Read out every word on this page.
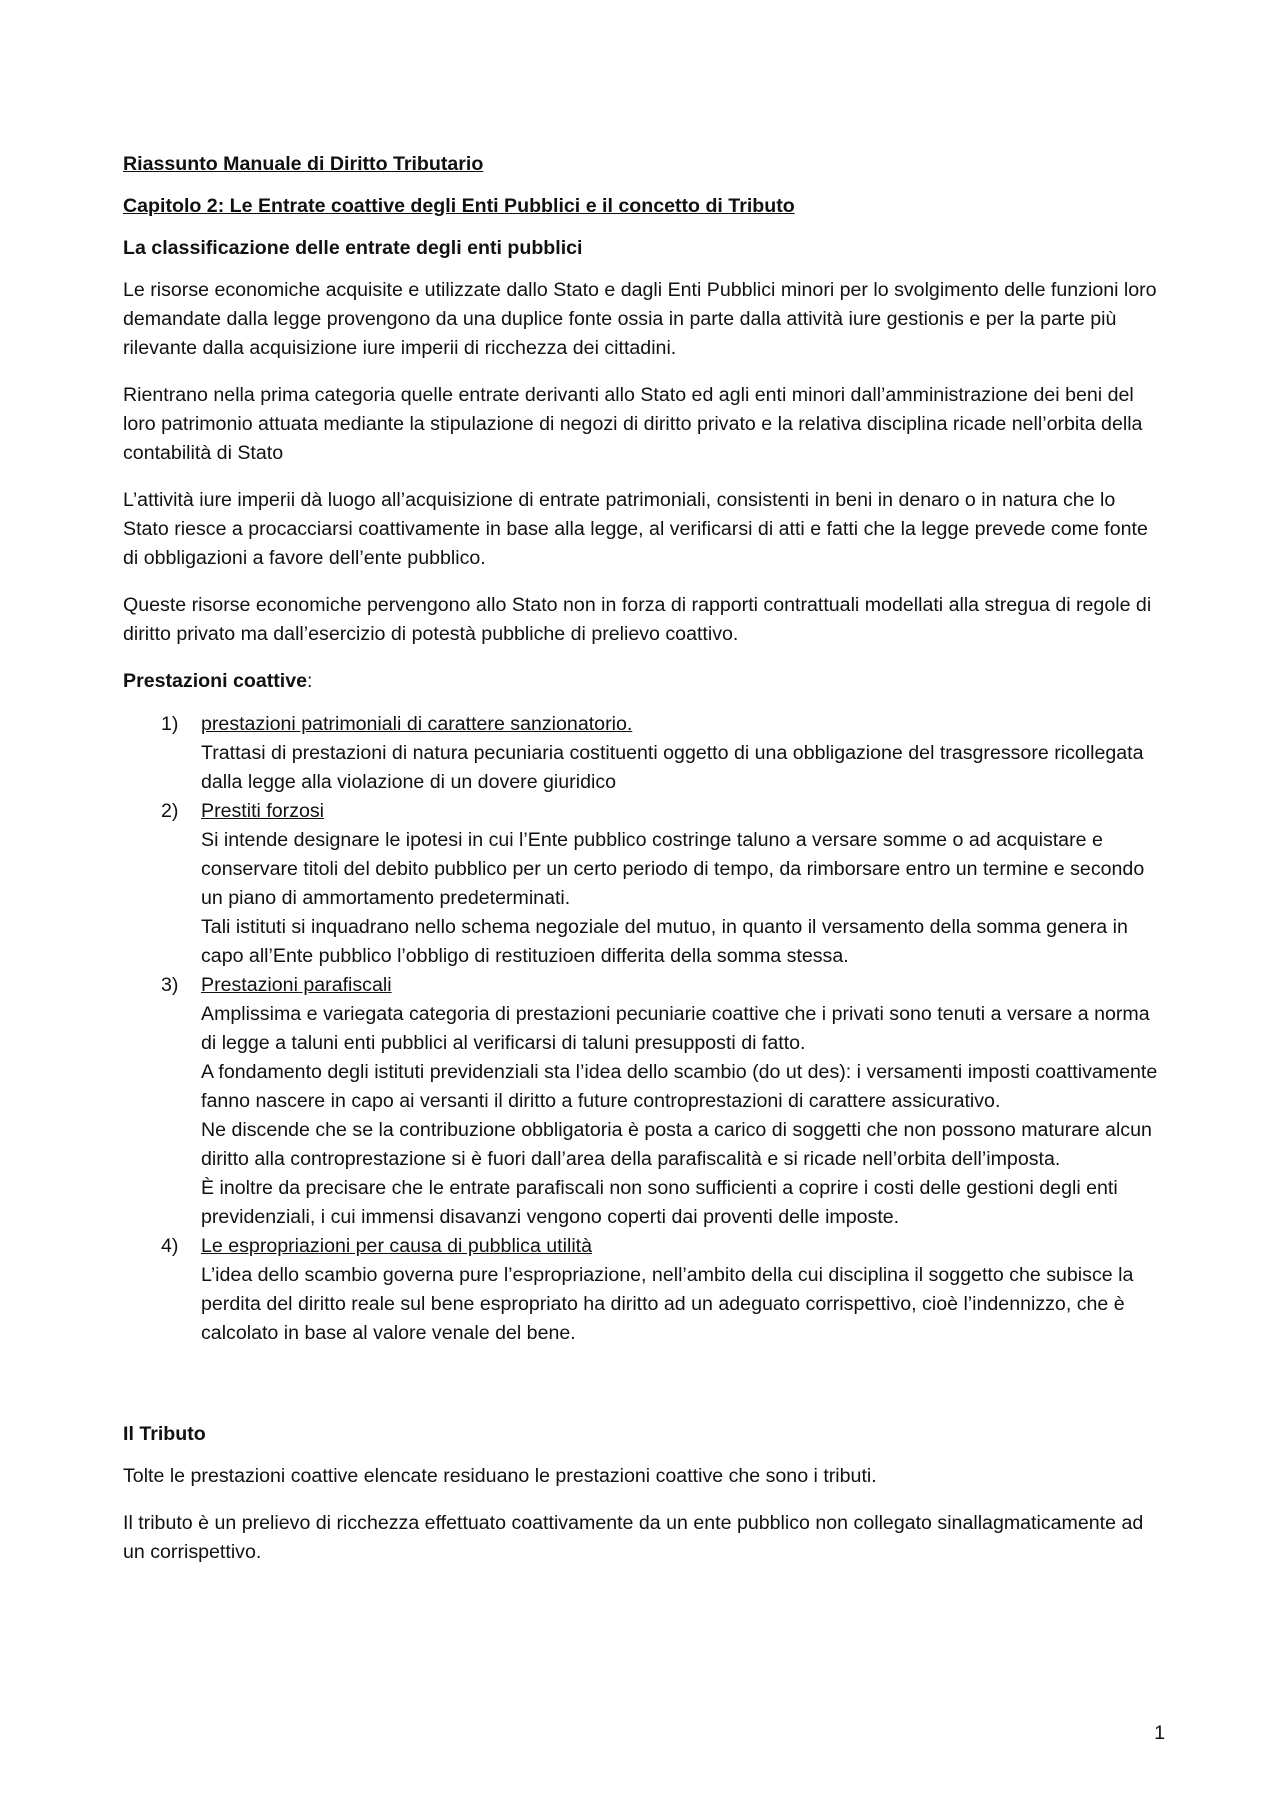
Riassunto Manuale di Diritto Tributario
Capitolo 2: Le Entrate coattive degli Enti Pubblici e il concetto di Tributo
La classificazione delle entrate degli enti pubblici

Le risorse economiche acquisite e utilizzate dallo Stato e dagli Enti Pubblici minori per lo svolgimento delle funzioni loro demandate dalla legge provengono da una duplice fonte ossia in parte dalla attività iure gestionis e per la parte più rilevante dalla acquisizione iure imperii di ricchezza dei cittadini.

Rientrano nella prima categoria quelle entrate derivanti allo Stato ed agli enti minori dall’amministrazione dei beni del loro patrimonio attuata mediante la stipulazione di negozi di diritto privato e la relativa disciplina ricade nell’orbita della contabilità di Stato

L’attività iure imperii dà luogo all’acquisizione di entrate patrimoniali, consistenti in beni in denaro o in natura che lo Stato riesce a procacciarsi coattivamente in base alla legge, al verificarsi di atti e fatti che la legge prevede come fonte di obbligazioni a favore dell’ente pubblico.

Queste risorse economiche pervengono allo Stato non in forza di rapporti contrattuali modellati alla stregua di regole di diritto privato ma dall’esercizio di potestà pubbliche di prelievo coattivo.

Prestazioni coattive:
1) prestazioni patrimoniali di carattere sanzionatorio.
Trattasi di prestazioni di natura pecuniaria costituenti oggetto di una obbligazione del trasgressore ricollegata dalla legge alla violazione di un dovere giuridico
2) Prestiti forzosi
Si intende designare le ipotesi in cui l’Ente pubblico costringe taluno a versare somme o ad acquistare e conservare titoli del debito pubblico per un certo periodo di tempo, da rimborsare entro un termine e secondo un piano di ammortamento predeterminati.
Tali istituti si inquadrano nello schema negoziale del mutuo, in quanto il versamento della somma genera in capo all’Ente pubblico l’obbligo di restituzioen differita della somma stessa.
3) Prestazioni parafiscali
Amplissima e variegata categoria di prestazioni pecuniarie coattive che i privati sono tenuti a versare a norma di legge a taluni enti pubblici al verificarsi di taluni presupposti di fatto.
A fondamento degli istituti previdenziali sta l’idea dello scambio (do ut des): i versamenti imposti coattivamente fanno nascere in capo ai versanti il diritto a future controprestazioni di carattere assicurativo.
Ne discende che se la contribuzione obbligatoria è posta a carico di soggetti che non possono maturare alcun diritto alla controprestazione si è fuori dall’area della parafiscalità e si ricade nell’orbita dell’imposta.
È inoltre da precisare che le entrate parafiscali non sono sufficienti a coprire i costi delle gestioni degli enti previdenziali, i cui immensi disavanzi vengono coperti dai proventi delle imposte.
4) Le espropriazioni per causa di pubblica utilità
L’idea dello scambio governa pure l’espropriazione, nell’ambito della cui disciplina il soggetto che subisce la perdita del diritto reale sul bene espropriato ha diritto ad un adeguato corrispettivo, cioè l’indennizzo, che è calcolato in base al valore venale del bene.
Il Tributo

Tolte le prestazioni coattive elencate residuano le prestazioni coattive che sono i tributi.

Il tributo è un prelievo di ricchezza effettuato coattivamente da un ente pubblico non collegato sinallagmaticamente ad un corrispettivo.

1
